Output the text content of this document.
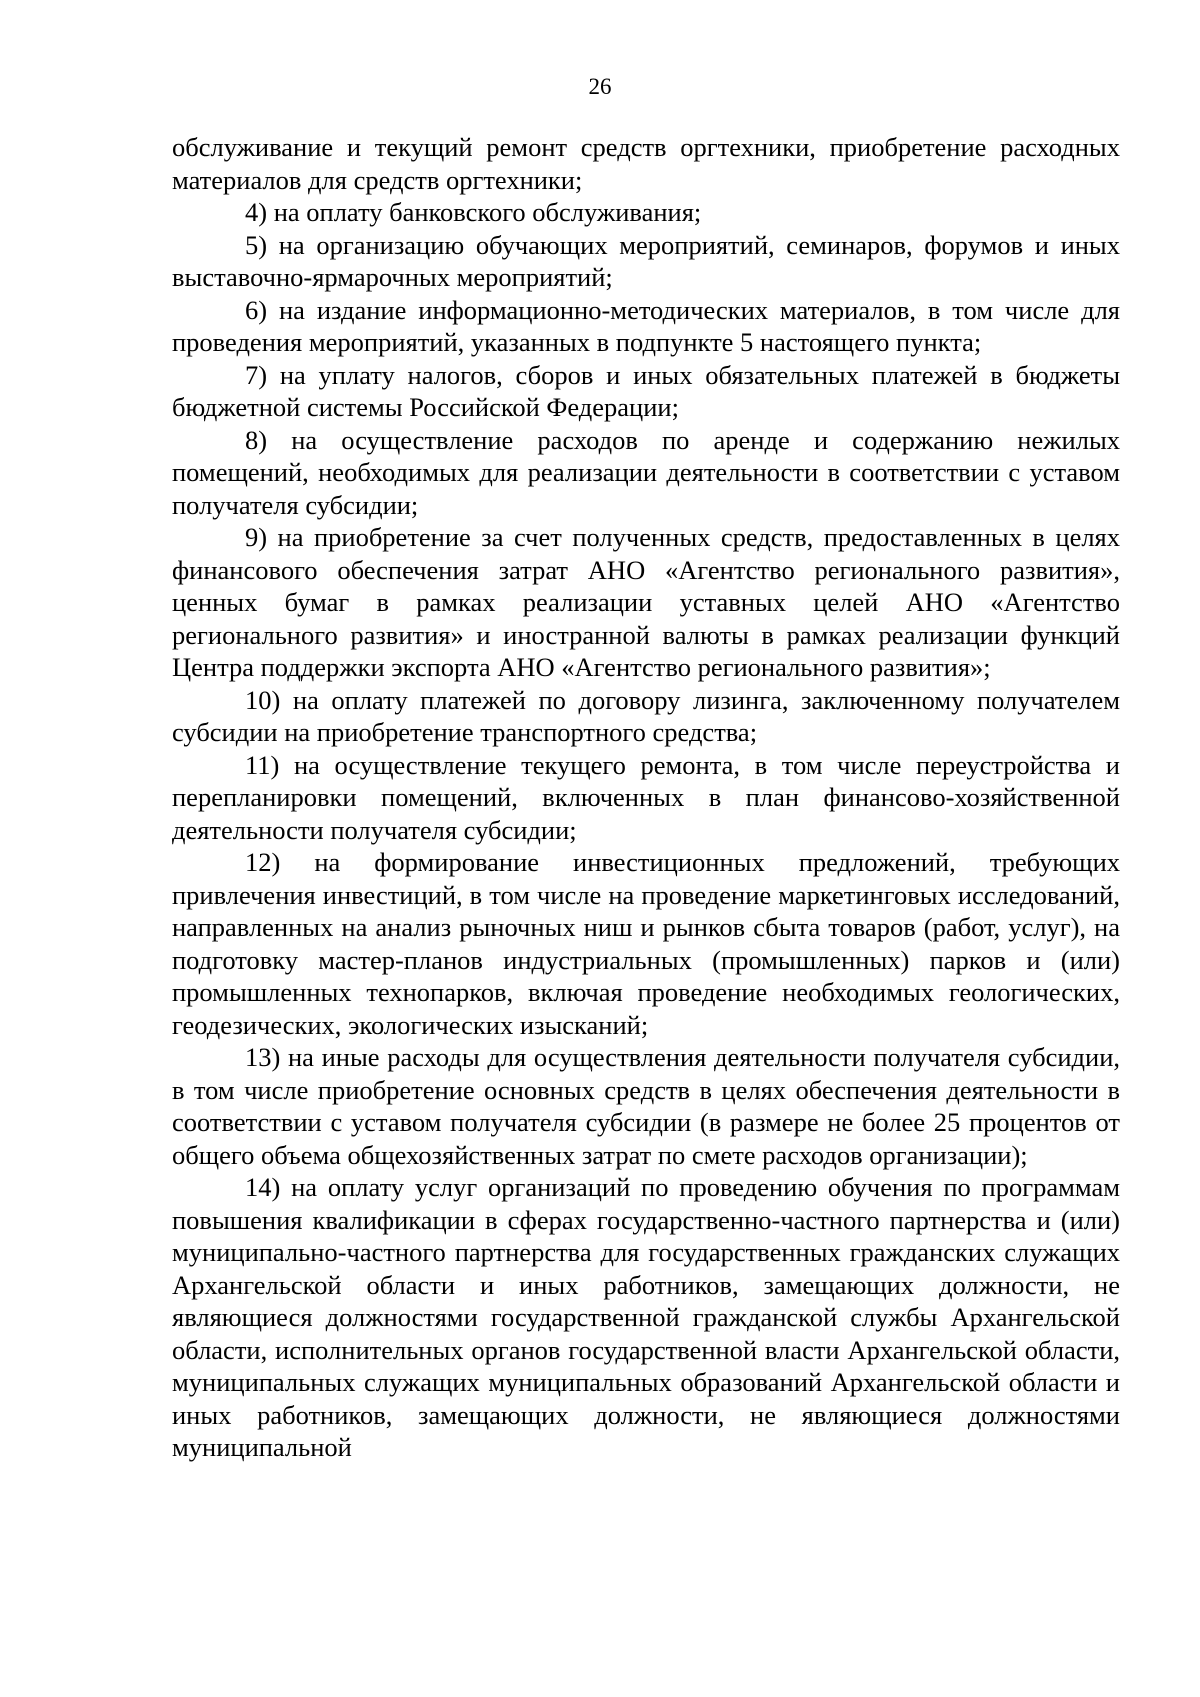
26

обслуживание и текущий ремонт средств оргтехники, приобретение расходных материалов для средств оргтехники;

4) на оплату банковского обслуживания;

5) на организацию обучающих мероприятий, семинаров, форумов и иных выставочно-ярмарочных мероприятий;

6) на издание информационно-методических материалов, в том числе для проведения мероприятий, указанных в подпункте 5 настоящего пункта;

7) на уплату налогов, сборов и иных обязательных платежей в бюджеты бюджетной системы Российской Федерации;

8) на осуществление расходов по аренде и содержанию нежилых помещений, необходимых для реализации деятельности в соответствии с уставом получателя субсидии;

9) на приобретение за счет полученных средств, предоставленных в целях финансового обеспечения затрат АНО «Агентство регионального развития», ценных бумаг в рамках реализации уставных целей АНО «Агентство регионального развития» и иностранной валюты в рамках реализации функций Центра поддержки экспорта АНО «Агентство регионального развития»;

10) на оплату платежей по договору лизинга, заключенному получателем субсидии на приобретение транспортного средства;

11) на осуществление текущего ремонта, в том числе переустройства и перепланировки помещений, включенных в план финансово-хозяйственной деятельности получателя субсидии;

12) на формирование инвестиционных предложений, требующих привлечения инвестиций, в том числе на проведение маркетинговых исследований, направленных на анализ рыночных ниш и рынков сбыта товаров (работ, услуг), на подготовку мастер-планов индустриальных (промышленных) парков и (или) промышленных технопарков, включая проведение необходимых геологических, геодезических, экологических изысканий;

13) на иные расходы для осуществления деятельности получателя субсидии, в том числе приобретение основных средств в целях обеспечения деятельности в соответствии с уставом получателя субсидии (в размере не более 25 процентов от общего объема общехозяйственных затрат по смете расходов организации);

14) на оплату услуг организаций по проведению обучения по программам повышения квалификации в сферах государственно-частного партнерства и (или) муниципально-частного партнерства для государственных гражданских служащих Архангельской области и иных работников, замещающих должности, не являющиеся должностями государственной гражданской службы Архангельской области, исполнительных органов государственной власти Архангельской области, муниципальных служащих муниципальных образований Архангельской области и иных работников, замещающих должности, не являющиеся должностями муниципальной
